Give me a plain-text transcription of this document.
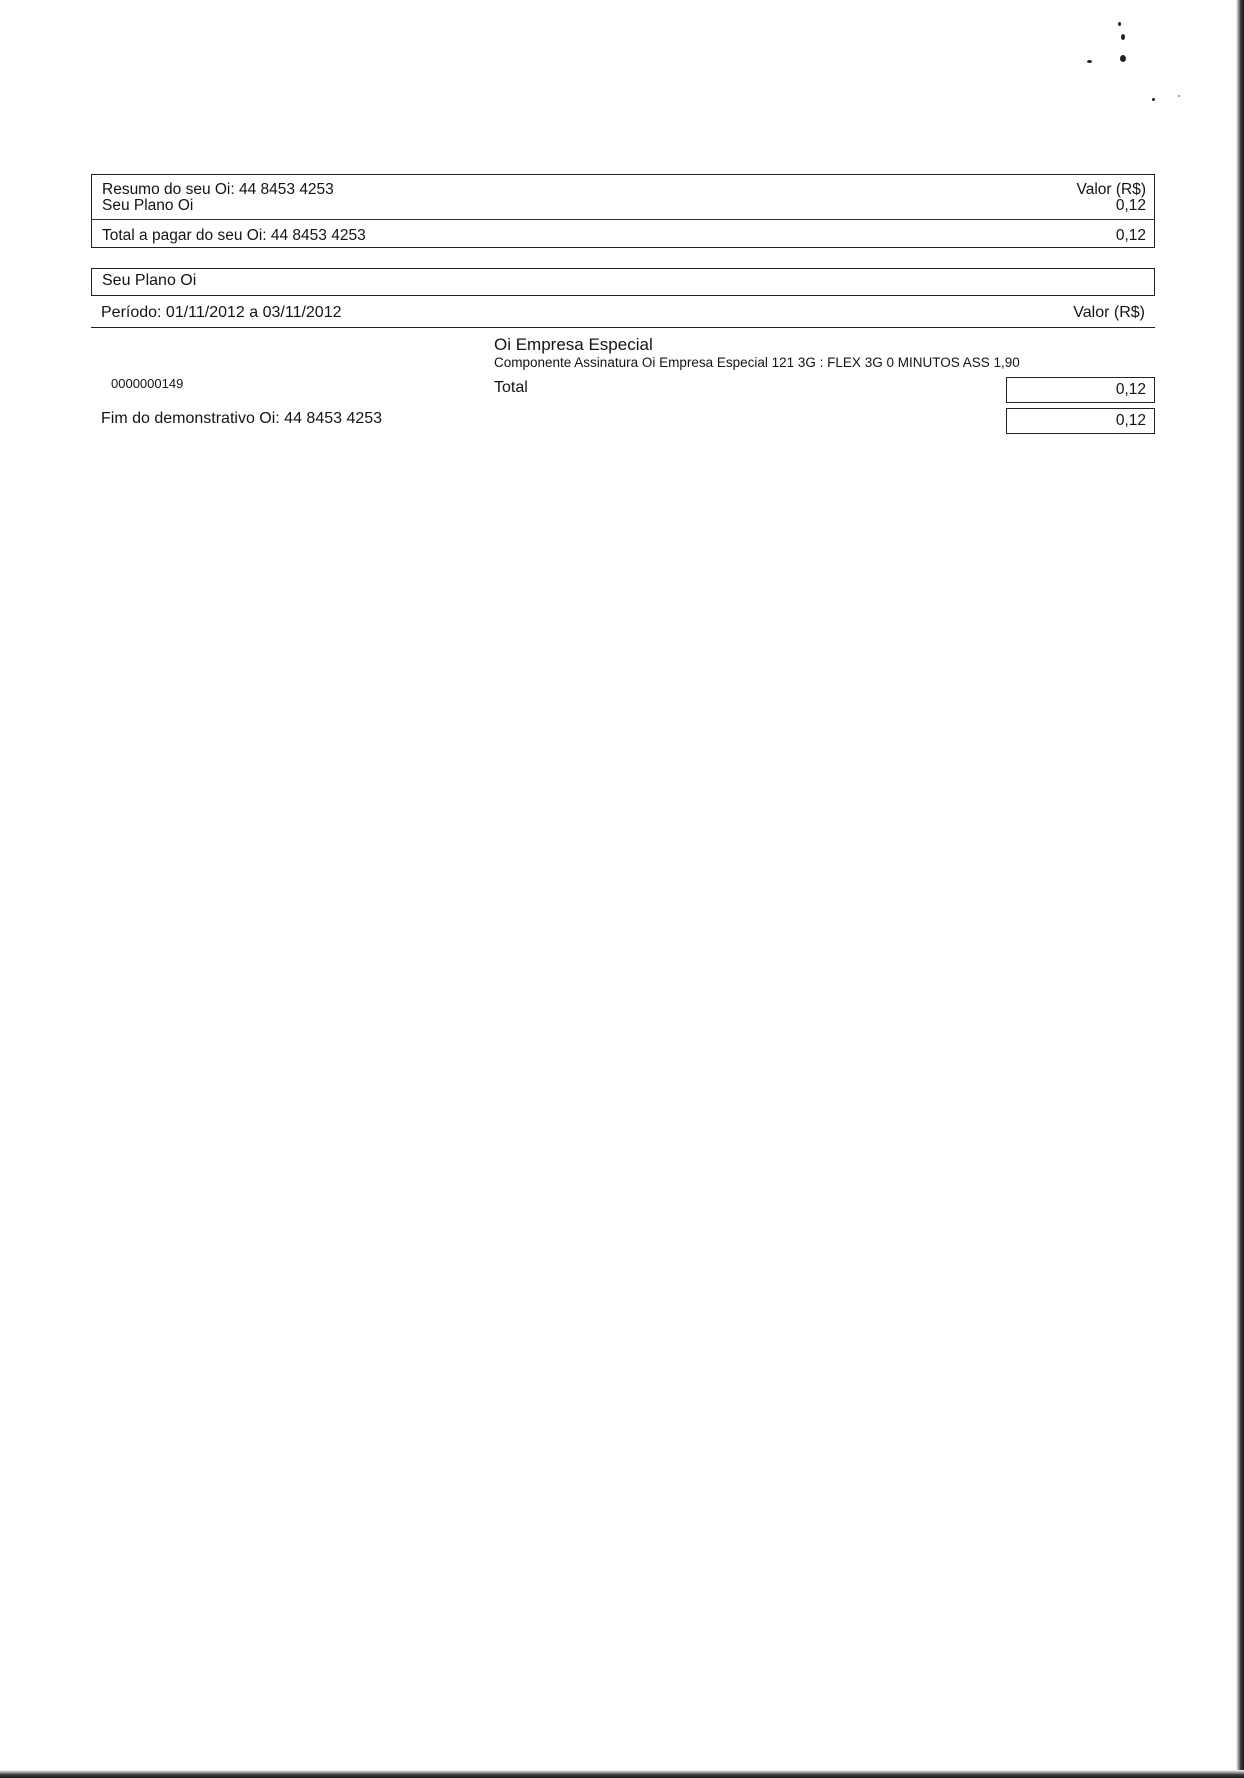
Resumo do seu Oi: 44 8453 4253	Valor (R$)
Seu Plano Oi	0,12
Total a pagar do seu Oi: 44 8453 4253	0,12
Seu Plano Oi
Período: 01/11/2012 a 03/11/2012	Valor (R$)
Oi Empresa Especial
Componente Assinatura Oi Empresa Especial 121 3G : FLEX 3G 0 MINUTOS ASS 1,90
0000000149	Total	0,12
Fim do demonstrativo Oi: 44 8453 4253	0,12
